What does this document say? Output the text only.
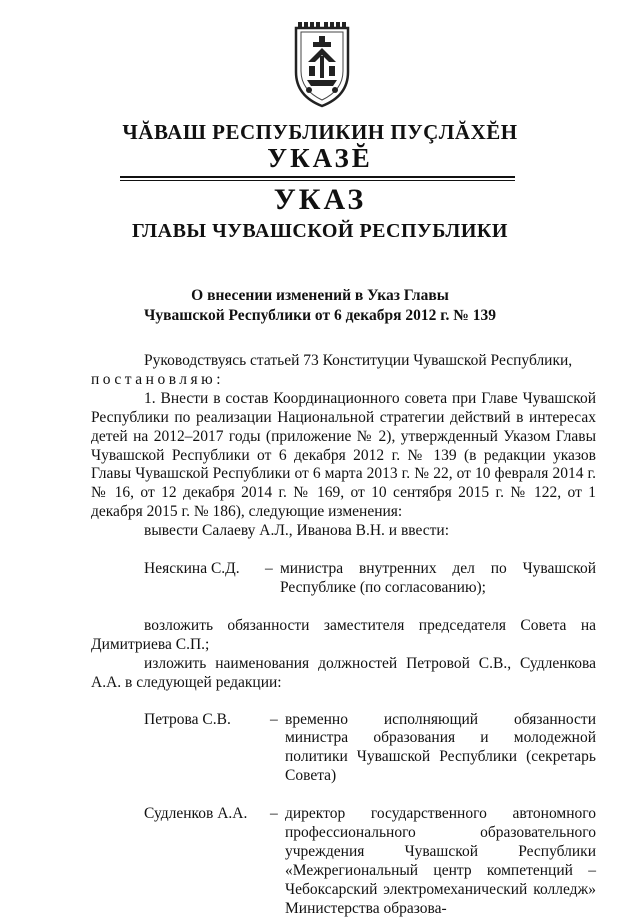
ЧĂВАШ РЕСПУБЛИКИН ПУÇЛĂХĔН
УКАЗĔ
УКАЗ
ГЛАВЫ ЧУВАШСКОЙ РЕСПУБЛИКИ
О внесении изменений в Указ Главы
Чувашской Республики от 6 декабря 2012 г. № 139

Руководствуясь статьей 73 Конституции Чувашской Республики,

постановляю:

1. Внести в состав Координационного совета при Главе Чувашской Республики по реализации Национальной стратегии действий в интересах детей на 2012–2017 годы (приложение № 2), утвержденный Указом Главы Чувашской Республики от 6 декабря 2012 г. № 139 (в редакции указов Главы Чувашской Республики от 6 марта 2013 г. № 22, от 10 февраля 2014 г. № 16, от 12 декабря 2014 г. № 169, от 10 сентября 2015 г. № 122, от 1 декабря 2015 г. № 186), следующие изменения:

вывести Салаеву А.Л., Иванова В.Н. и ввести:

Неяскина С.Д. – министра внутренних дел по Чувашской Республике (по согласованию);

возложить обязанности заместителя председателя Совета на Димитриева С.П.;

изложить наименования должностей Петровой С.В., Судленкова А.А. в следующей редакции:

Петрова С.В.	– временно исполняющий обязанности министра образования и молодежной политики Чувашской Республики (секретарь Совета)
Судленков А.А. – директор государственного автономного профессионального образовательного учреждения Чувашской Республики «Межрегиональный центр компетенций – Чебоксарский электромеханический колледж» Министерства образова-
